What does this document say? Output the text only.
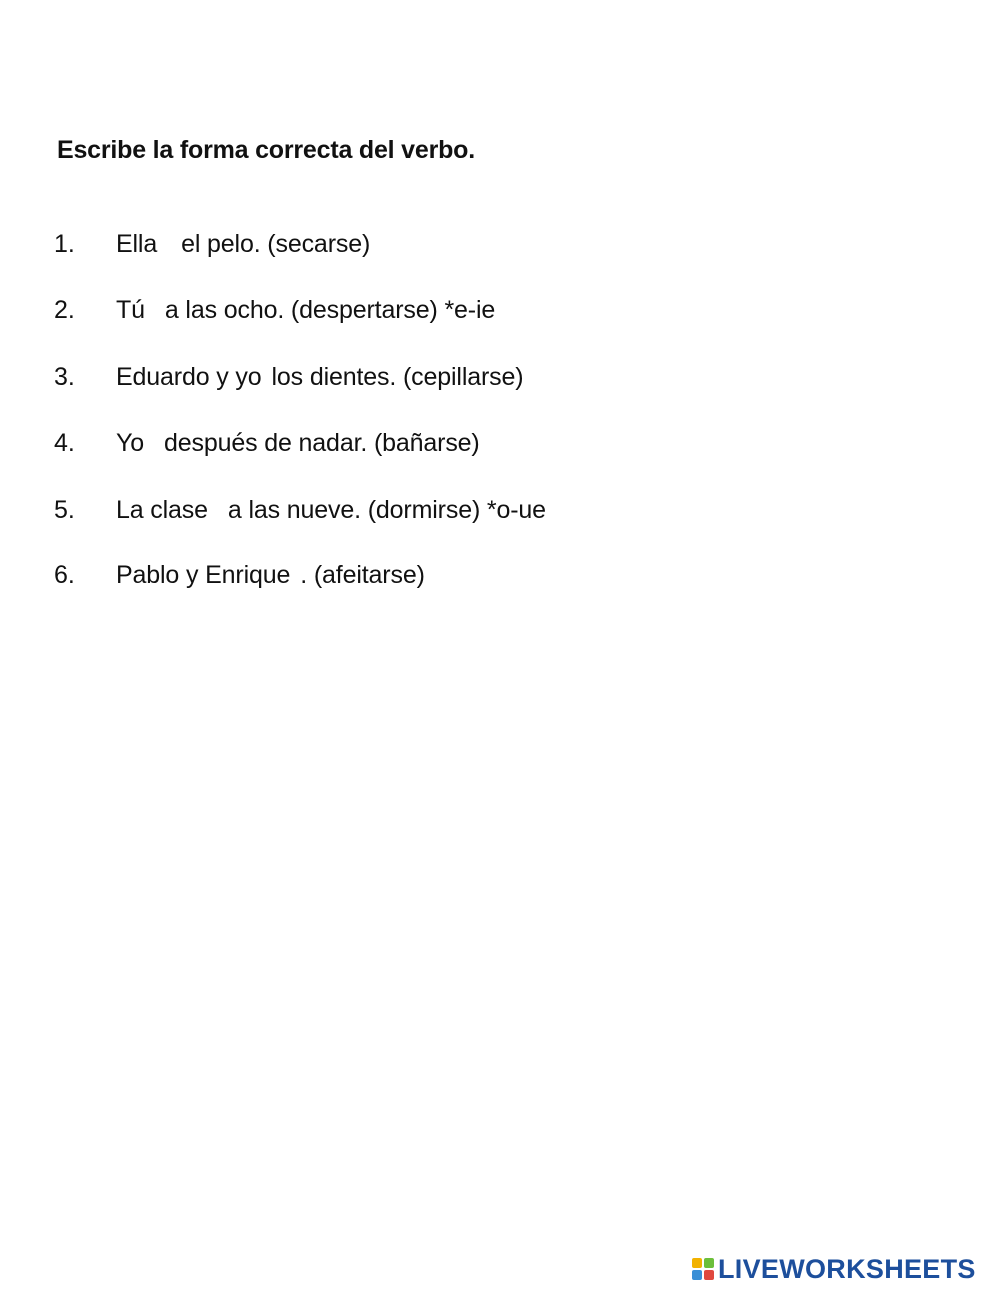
Escribe la forma correcta del verbo.
1. Ella el pelo. (secarse)
2. Tú a las ocho. (despertarse) *e-ie
3. Eduardo y yo los dientes. (cepillarse)
4. Yo después de nadar. (bañarse)
5. La clase a las nueve. (dormirse) *o-ue
6. Pablo y Enrique . (afeitarse)
LIVEWORKSHEETS
